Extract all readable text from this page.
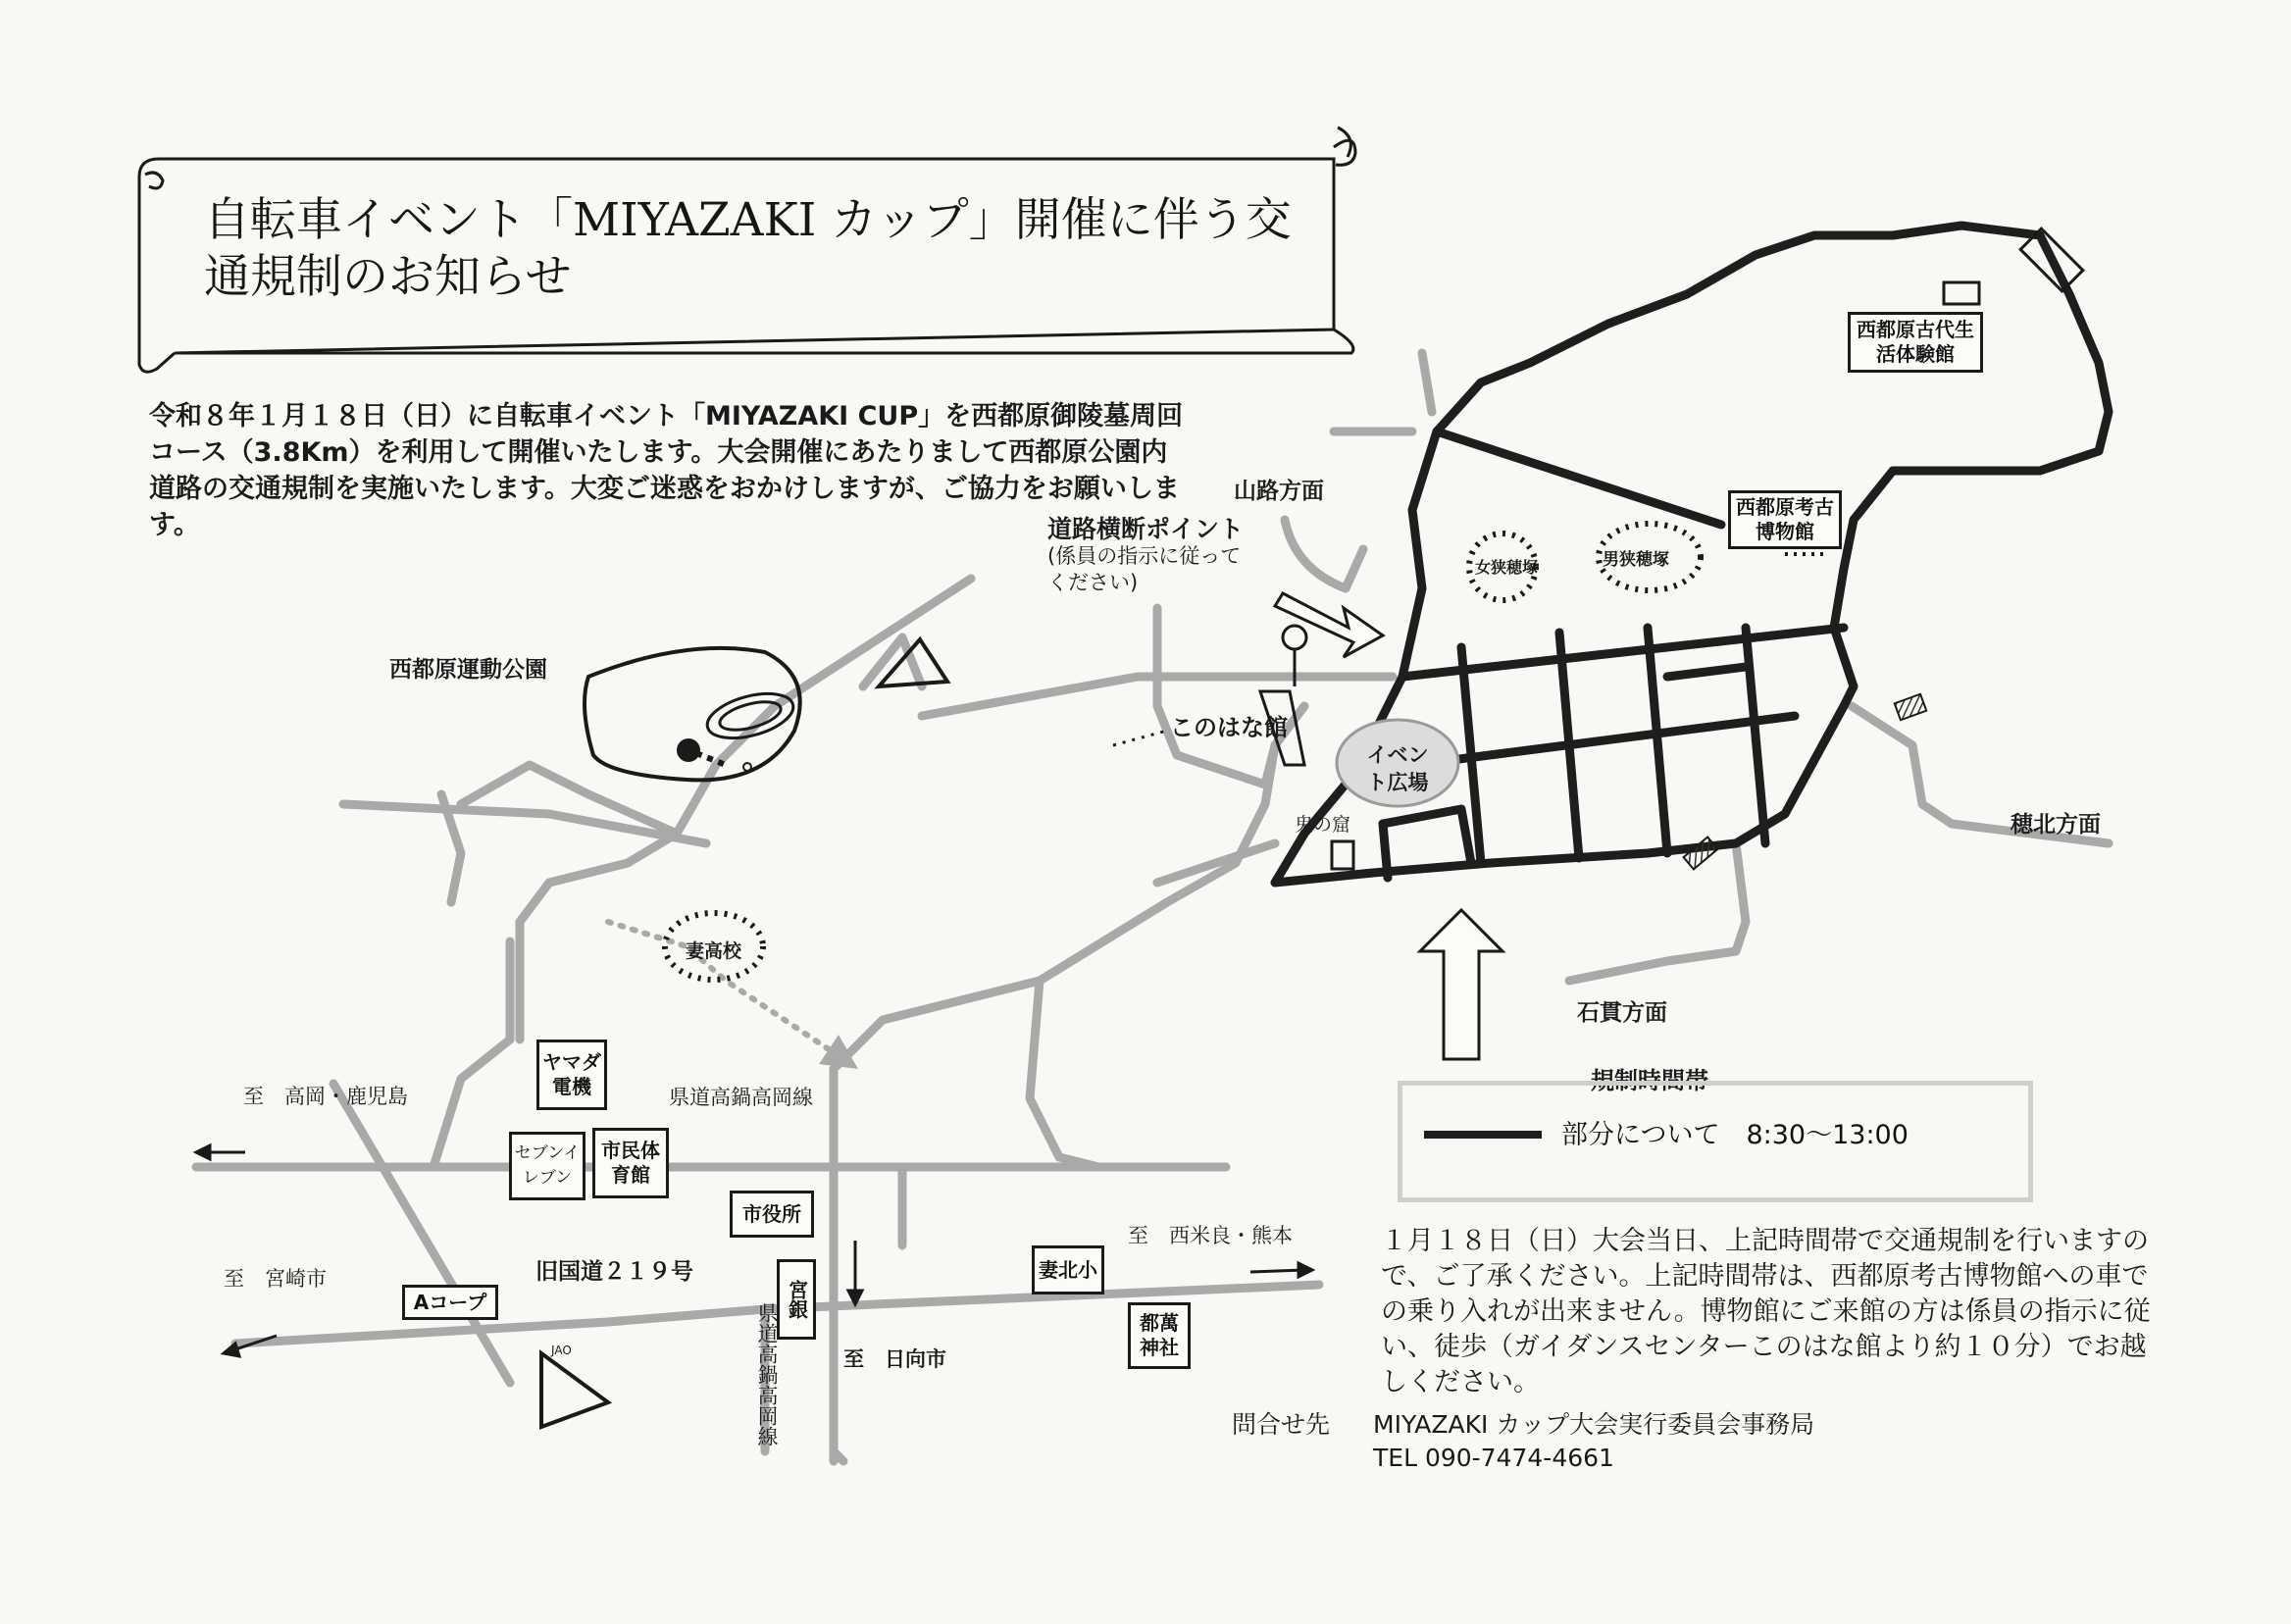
自転車イベント「MIYAZAKI カップ」開催に伴う交通規制のお知らせ
令和８年１月１８日（日）に自転車イベント「MIYAZAKI CUP」を西都原御陵墓周回コース（3.8Km）を利用して開催いたします。大会開催にあたりまして西都原公園内道路の交通規制を実施いたします。大変ご迷惑をおかけしますが、ご協力をお願いします。
西都原運動公園
山路方面
道路横断ポイント
(係員の指示に従ってください)
このはな館
イベント広場
鬼の窟
女狭穂塚	男狭穂塚
西都原古代生活体験館
西都原考古博物館
穂北方面
石貫方面
妻高校
ヤマダ電機
セブンイレブン
市民体育館
市役所
宮銀
妻北小
都萬神社
Aコープ
JAO
旧国道２１９号
県道高鍋高岡線
県道高鍋高岡線
至　高岡・鹿児島
至　宮崎市
至　西米良・熊本
至　日向市
規制時間帯
部分について　8:30～13:00
１月１８日（日）大会当日、上記時間帯で交通規制を行いますので、ご了承ください。上記時間帯は、西都原考古博物館への車での乗り入れが出来ません。博物館にご来館の方は係員の指示に従い、徒歩（ガイダンスセンターこのはな館より約１０分）でお越しください。
問合せ先 MIYAZAKI カップ大会実行委員会事務局
TEL 090-7474-4661
